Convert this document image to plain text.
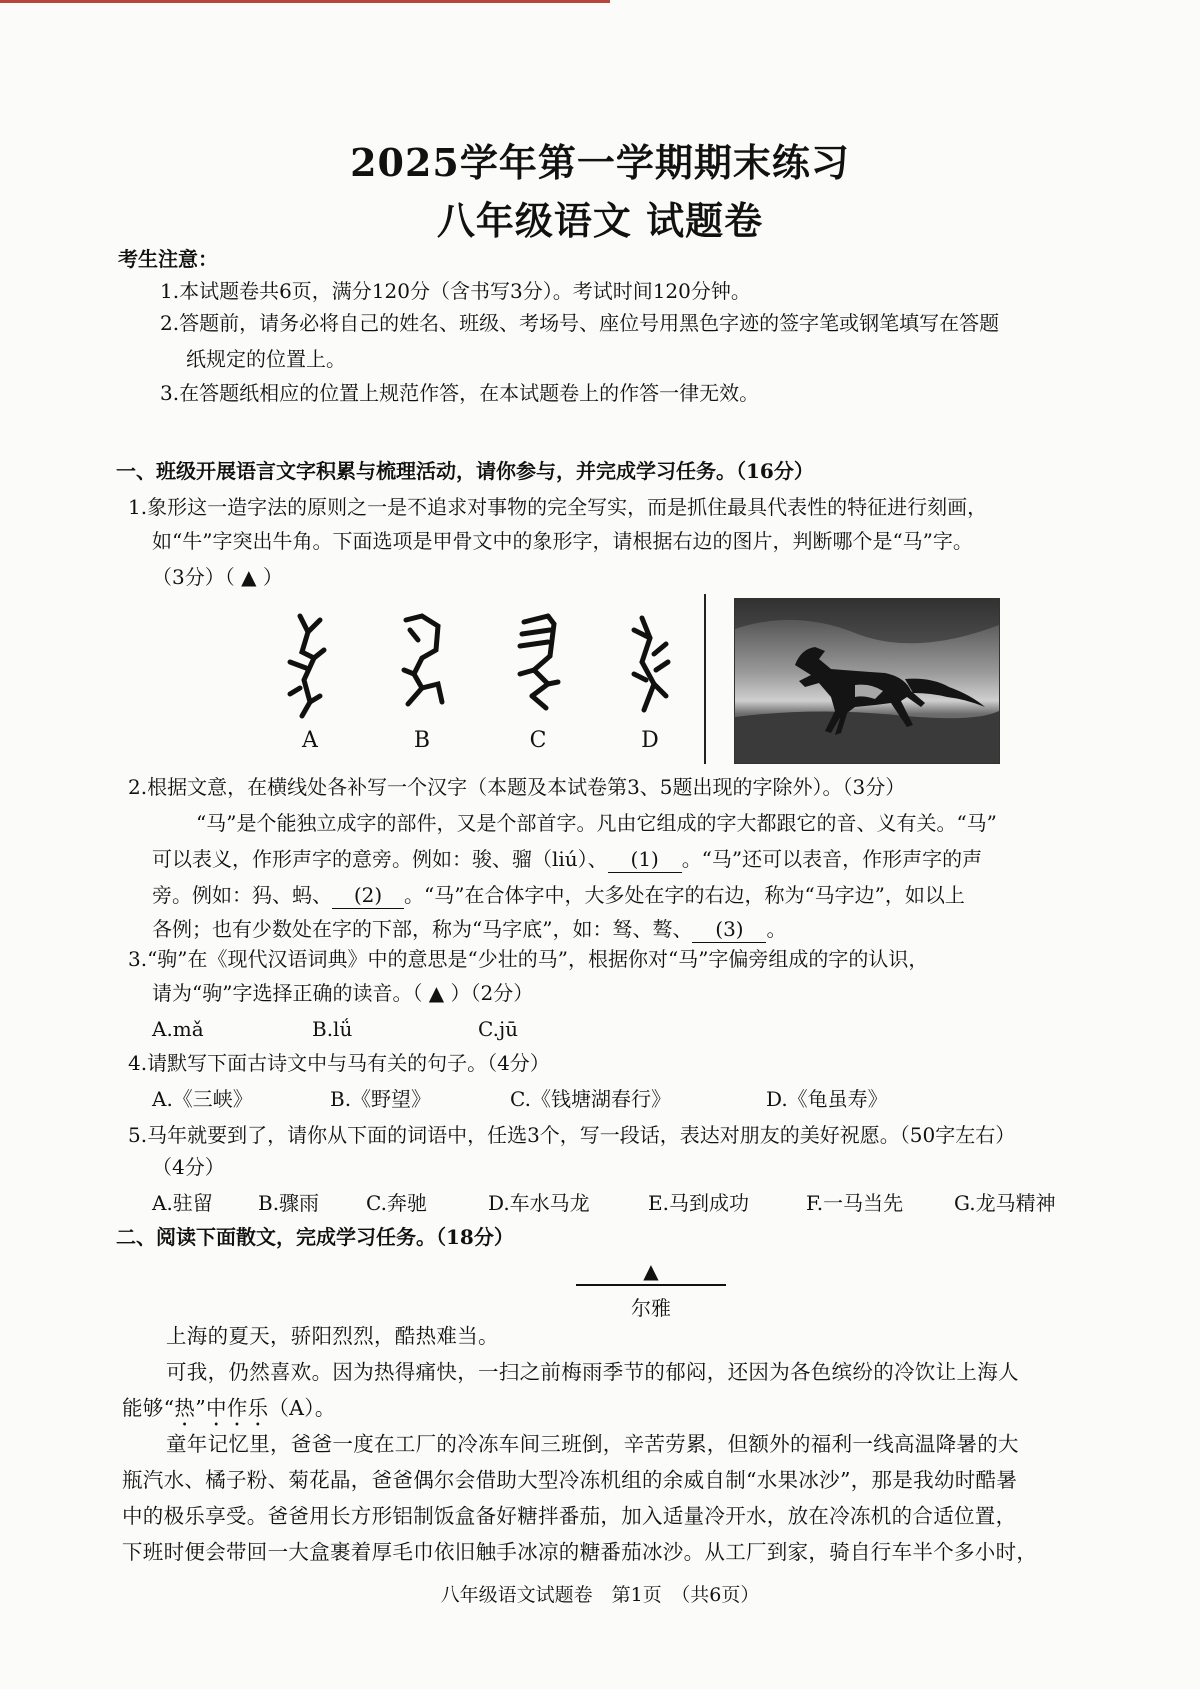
2025学年第一学期期末练习
八年级语文 试题卷
考生注意：
1.本试题卷共6页，满分120分（含书写3分）。考试时间120分钟。
2.答题前，请务必将自己的姓名、班级、考场号、座位号用黑色字迹的签字笔或钢笔填写在答题
纸规定的位置上。
3.在答题纸相应的位置上规范作答，在本试题卷上的作答一律无效。
一、班级开展语言文字积累与梳理活动，请你参与，并完成学习任务。（16分）
1.象形这一造字法的原则之一是不追求对事物的完全写实，而是抓住最具代表性的特征进行刻画，
如“牛”字突出牛角。下面选项是甲骨文中的象形字，请根据右边的图片，判断哪个是“马”字。
（3分）（ ▲ ）
A	B	C	D
2.根据文意，在横线处各补写一个汉字（本题及本试卷第3、5题出现的字除外）。（3分）
“马”是个能独立成字的部件，又是个部首字。凡由它组成的字大都跟它的音、义有关。“马”
可以表义，作形声字的意旁。例如：骏、骝（liú）、 (1) 。“马”还可以表音，作形声字的声
旁。例如：犸、蚂、 (2) 。“马”在合体字中，大多处在字的右边，称为“马字边”，如以上
各例；也有少数处在字的下部，称为“马字底”，如：驽、骜、 (3) 。
3.“驹”在《现代汉语词典》中的意思是“少壮的马”，根据你对“马”字偏旁组成的字的认识，
请为“驹”字选择正确的读音。（ ▲ ）（2分）
A.mǎ	B.lǘ	C.jū
4.请默写下面古诗文中与马有关的句子。（4分）
A.《三峡》	B.《野望》	C.《钱塘湖春行》	D.《龟虽寿》
5.马年就要到了，请你从下面的词语中，任选3个，写一段话，表达对朋友的美好祝愿。（50字左右）
（4分）
A.驻留 B.骤雨 C.奔驰	D.车水马龙	E.马到成功	F.一马当先	G.龙马精神
二、阅读下面散文，完成学习任务。（18分）
▲
尔雅
上海的夏天，骄阳烈烈，酷热难当。
可我，仍然喜欢。因为热得痛快，一扫之前梅雨季节的郁闷，还因为各色缤纷的冷饮让上海人
能够“热”中作乐（A）。
童年记忆里，爸爸一度在工厂的冷冻车间三班倒，辛苦劳累，但额外的福利一线高温降暑的大
瓶汽水、橘子粉、菊花晶，爸爸偶尔会借助大型冷冻机组的余威自制“水果冰沙”，那是我幼时酷暑
中的极乐享受。爸爸用长方形铝制饭盒备好糖拌番茄，加入适量冷开水，放在冷冻机的合适位置，
下班时便会带回一大盒裹着厚毛巾依旧触手冰凉的糖番茄冰沙。从工厂到家，骑自行车半个多小时，
八年级语文试题卷　第1页　（共6页）
